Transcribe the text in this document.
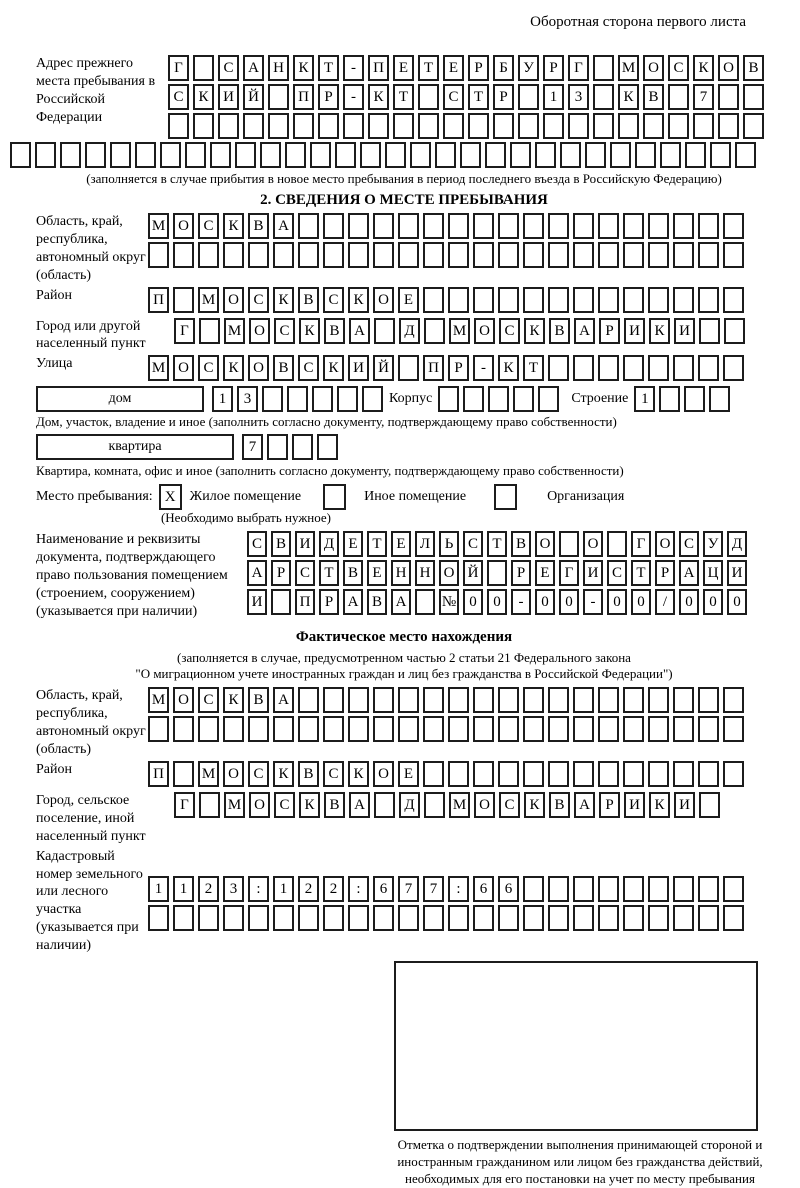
Оборотная сторона первого листа
Адрес прежнего места пребывания в Российской Федерации
Г	С А Н К Т - П Е Т Е Р Б У Р Г	М О С К О В
С К И Й	П Р - К Т	С Т Р	1 3	К В	7
(заполняется в случае прибытия в новое место пребывания в период последнего въезда в Российскую Федерацию)
2. СВЕДЕНИЯ О МЕСТЕ ПРЕБЫВАНИЯ
Область, край, республика, автономный округ (область)
М О С К В А
Район	П	М О С К В С К О Е
Город или другой населенный пункт
Г	М О С К В А	Д	М О С К В А Р И К И
Улица	М О С К О В С К И Й	П Р - К Т
дом	1 3	Корпус	Строение 1
Дом, участок, владение и иное (заполнить согласно документу, подтверждающему право собственности)
квартира	7
Квартира, комната, офис и иное (заполнить согласно документу, подтверждающему право собственности)
Место пребывания: X	Жилое помещение	Иное помещение	Организация
(Необходимо выбрать нужное)
Наименование и реквизиты документа, подтверждающего право пользования помещением (строением, сооружением) (указывается при наличии)
С В И Д Е Т Е Л Ь С Т В О О	Г О С У Д
А Р С Т В Е Н Н О Й	Р Е Г И С Т Р А Ц И
И П Р А В А № 0 0 - 0 0 - 0 0 / 0 0 0
Фактическое место нахождения
(заполняется в случае, предусмотренном частью 2 статьи 21 Федерального закона
"О миграционном учете иностранных граждан и лиц без гражданства в Российской Федерации")
Область, край, республика, автономный округ (область)
М О С К В А
Район	П	М О С К В С К О Е
Город, сельское поселение, иной населенный пункт
Г	М О С К В А	Д	М О С К В А Р И К И
Кадастровый номер земельного или лесного участка (указывается при наличии)
1 1 2 3 : 1 2 2 : 6 7 7 : 6 6
Отметка о подтверждении выполнения принимающей стороной и иностранным гражданином или лицом без гражданства действий, необходимых для его постановки на учет по месту пребывания
